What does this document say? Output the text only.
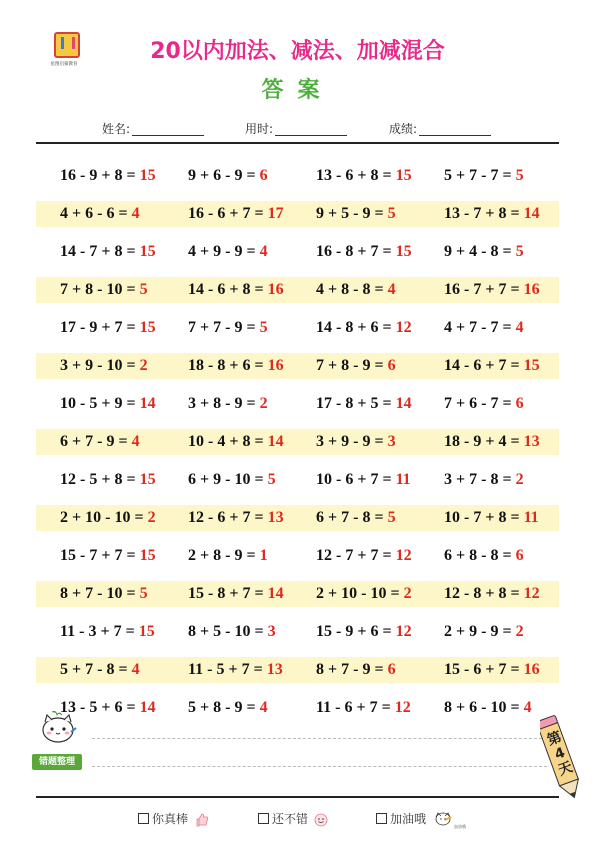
星图启蒙教育
20以内加法、减法、加减混合
答案
姓名:	用时:	成绩:
16 - 9 + 8 = 15 9 + 6 - 9 = 6	13 - 6 + 8 = 15 5 + 7 - 7 = 5
4 + 6 - 6 = 4	16 - 6 + 7 = 17 9 + 5 - 9 = 5	13 - 7 + 8 = 14
14 - 7 + 8 = 15 4 + 9 - 9 = 4	16 - 8 + 7 = 15 9 + 4 - 8 = 5
7 + 8 - 10 = 5	14 - 6 + 8 = 16 4 + 8 - 8 = 4	16 - 7 + 7 = 16
17 - 9 + 7 = 15 7 + 7 - 9 = 5	14 - 8 + 6 = 12 4 + 7 - 7 = 4
3 + 9 - 10 = 2	18 - 8 + 6 = 16 7 + 8 - 9 = 6	14 - 6 + 7 = 15
10 - 5 + 9 = 14 3 + 8 - 9 = 2	17 - 8 + 5 = 14 7 + 6 - 7 = 6
6 + 7 - 9 = 4	10 - 4 + 8 = 14 3 + 9 - 9 = 3	18 - 9 + 4 = 13
12 - 5 + 8 = 15 6 + 9 - 10 = 5	10 - 6 + 7 = 11 3 + 7 - 8 = 2
2 + 10 - 10 = 2 12 - 6 + 7 = 13 6 + 7 - 8 = 5	10 - 7 + 8 = 11
15 - 7 + 7 = 15 2 + 8 - 9 = 1	12 - 7 + 7 = 12 6 + 8 - 8 = 6
8 + 7 - 10 = 5	15 - 8 + 7 = 14 2 + 10 - 10 = 2 12 - 8 + 8 = 12
11 - 3 + 7 = 15 8 + 5 - 10 = 3	15 - 9 + 6 = 12 2 + 9 - 9 = 2
5 + 7 - 8 = 4	11 - 5 + 7 = 13 8 + 7 - 9 = 6	15 - 6 + 7 = 16
13 - 5 + 6 = 14 5 + 8 - 9 = 4	11 - 6 + 7 = 12 8 + 6 - 10 = 4
错题整理
第4天
你真棒	还不错	加油哦
加油哦
